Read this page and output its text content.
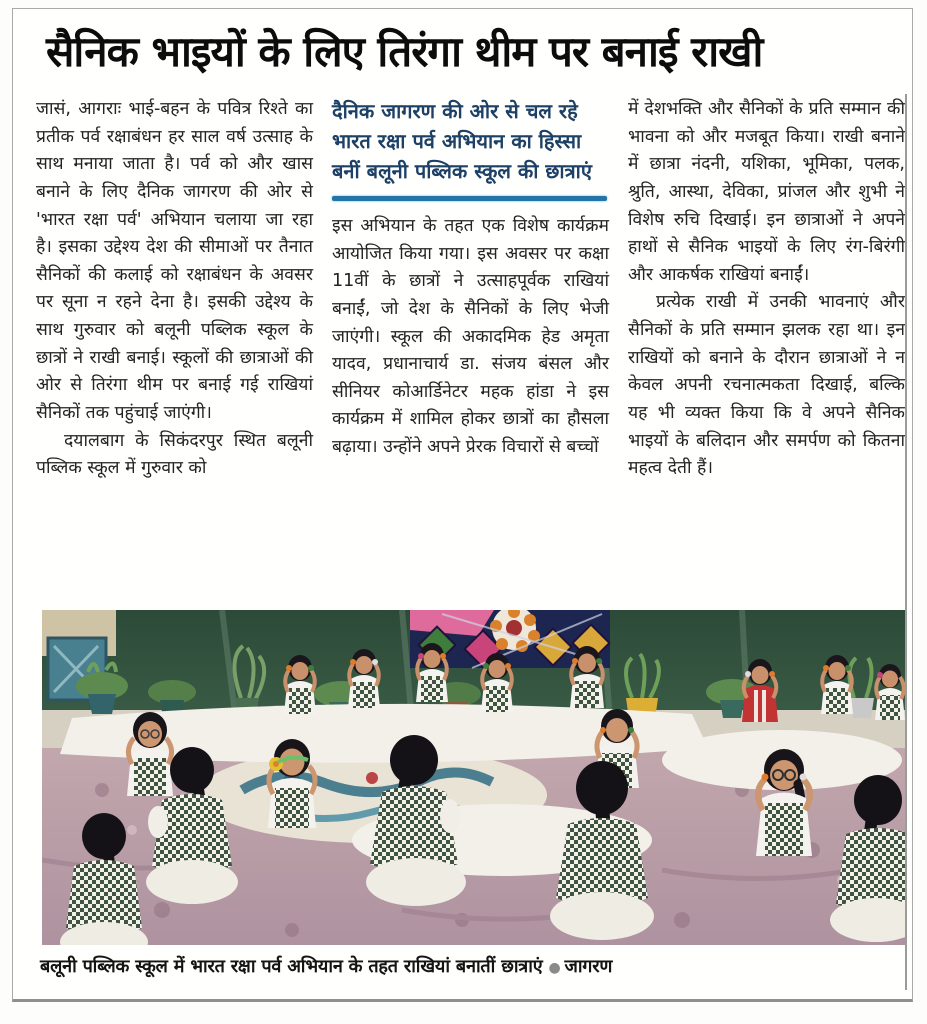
सैनिक भाइयों के लिए तिरंगा थीम पर बनाई राखी

जासं, आगराः भाई-बहन के पवित्र रिश्ते का प्रतीक पर्व रक्षाबंधन हर साल वर्ष उत्साह के साथ मनाया जाता है। पर्व को और खास बनाने के लिए दैनिक जागरण की ओर से 'भारत रक्षा पर्व' अभियान चलाया जा रहा है। इसका उद्देश्य देश की सीमाओं पर तैनात सैनिकों की कलाई को रक्षाबंधन के अवसर पर सूना न रहने देना है। इसकी उद्देश्य के साथ गुरुवार को बलूनी पब्लिक स्कूल के छात्रों ने राखी बनाई। स्कूलों की छात्राओं की ओर से तिरंगा थीम पर बनाई गई राखियां सैनिकों तक पहुंचाई जाएंगी।

दयालबाग के सिकंदरपुर स्थित बलूनी पब्लिक स्कूल में गुरुवार को

दैनिक जागरण की ओर से चल रहे भारत रक्षा पर्व अभियान का हिस्सा बनीं बलूनी पब्लिक स्कूल की छात्राएं

इस अभियान के तहत एक विशेष कार्यक्रम आयोजित किया गया। इस अवसर पर कक्षा 11वीं के छात्रों ने उत्साहपूर्वक राखियां बनाईं, जो देश के सैनिकों के लिए भेजी जाएंगी। स्कूल की अकादमिक हेड अमृता यादव, प्रधानाचार्य डा. संजय बंसल और सीनियर कोआर्डिनेटर महक हांडा ने इस कार्यक्रम में शामिल होकर छात्रों का हौसला बढ़ाया। उन्होंने अपने प्रेरक विचारों से बच्चों

में देशभक्ति और सैनिकों के प्रति सम्मान की भावना को और मजबूत किया। राखी बनाने में छात्रा नंदनी, यशिका, भूमिका, पलक, श्रुति, आस्था, देविका, प्रांजल और शुभी ने विशेष रुचि दिखाई। इन छात्राओं ने अपने हाथों से सैनिक भाइयों के लिए रंग-बिरंगी और आकर्षक राखियां बनाईं।

प्रत्येक राखी में उनकी भावनाएं और सैनिकों के प्रति सम्मान झलक रहा था। इन राखियों को बनाने के दौरान छात्राओं ने न केवल अपनी रचनात्मकता दिखाई, बल्कि यह भी व्यक्त किया कि वे अपने सैनिक भाइयों के बलिदान और समर्पण को कितना महत्व देती हैं।

बलूनी पब्लिक स्कूल में भारत रक्षा पर्व अभियान के तहत राखियां बनातीं छात्राएं ● जागरण
